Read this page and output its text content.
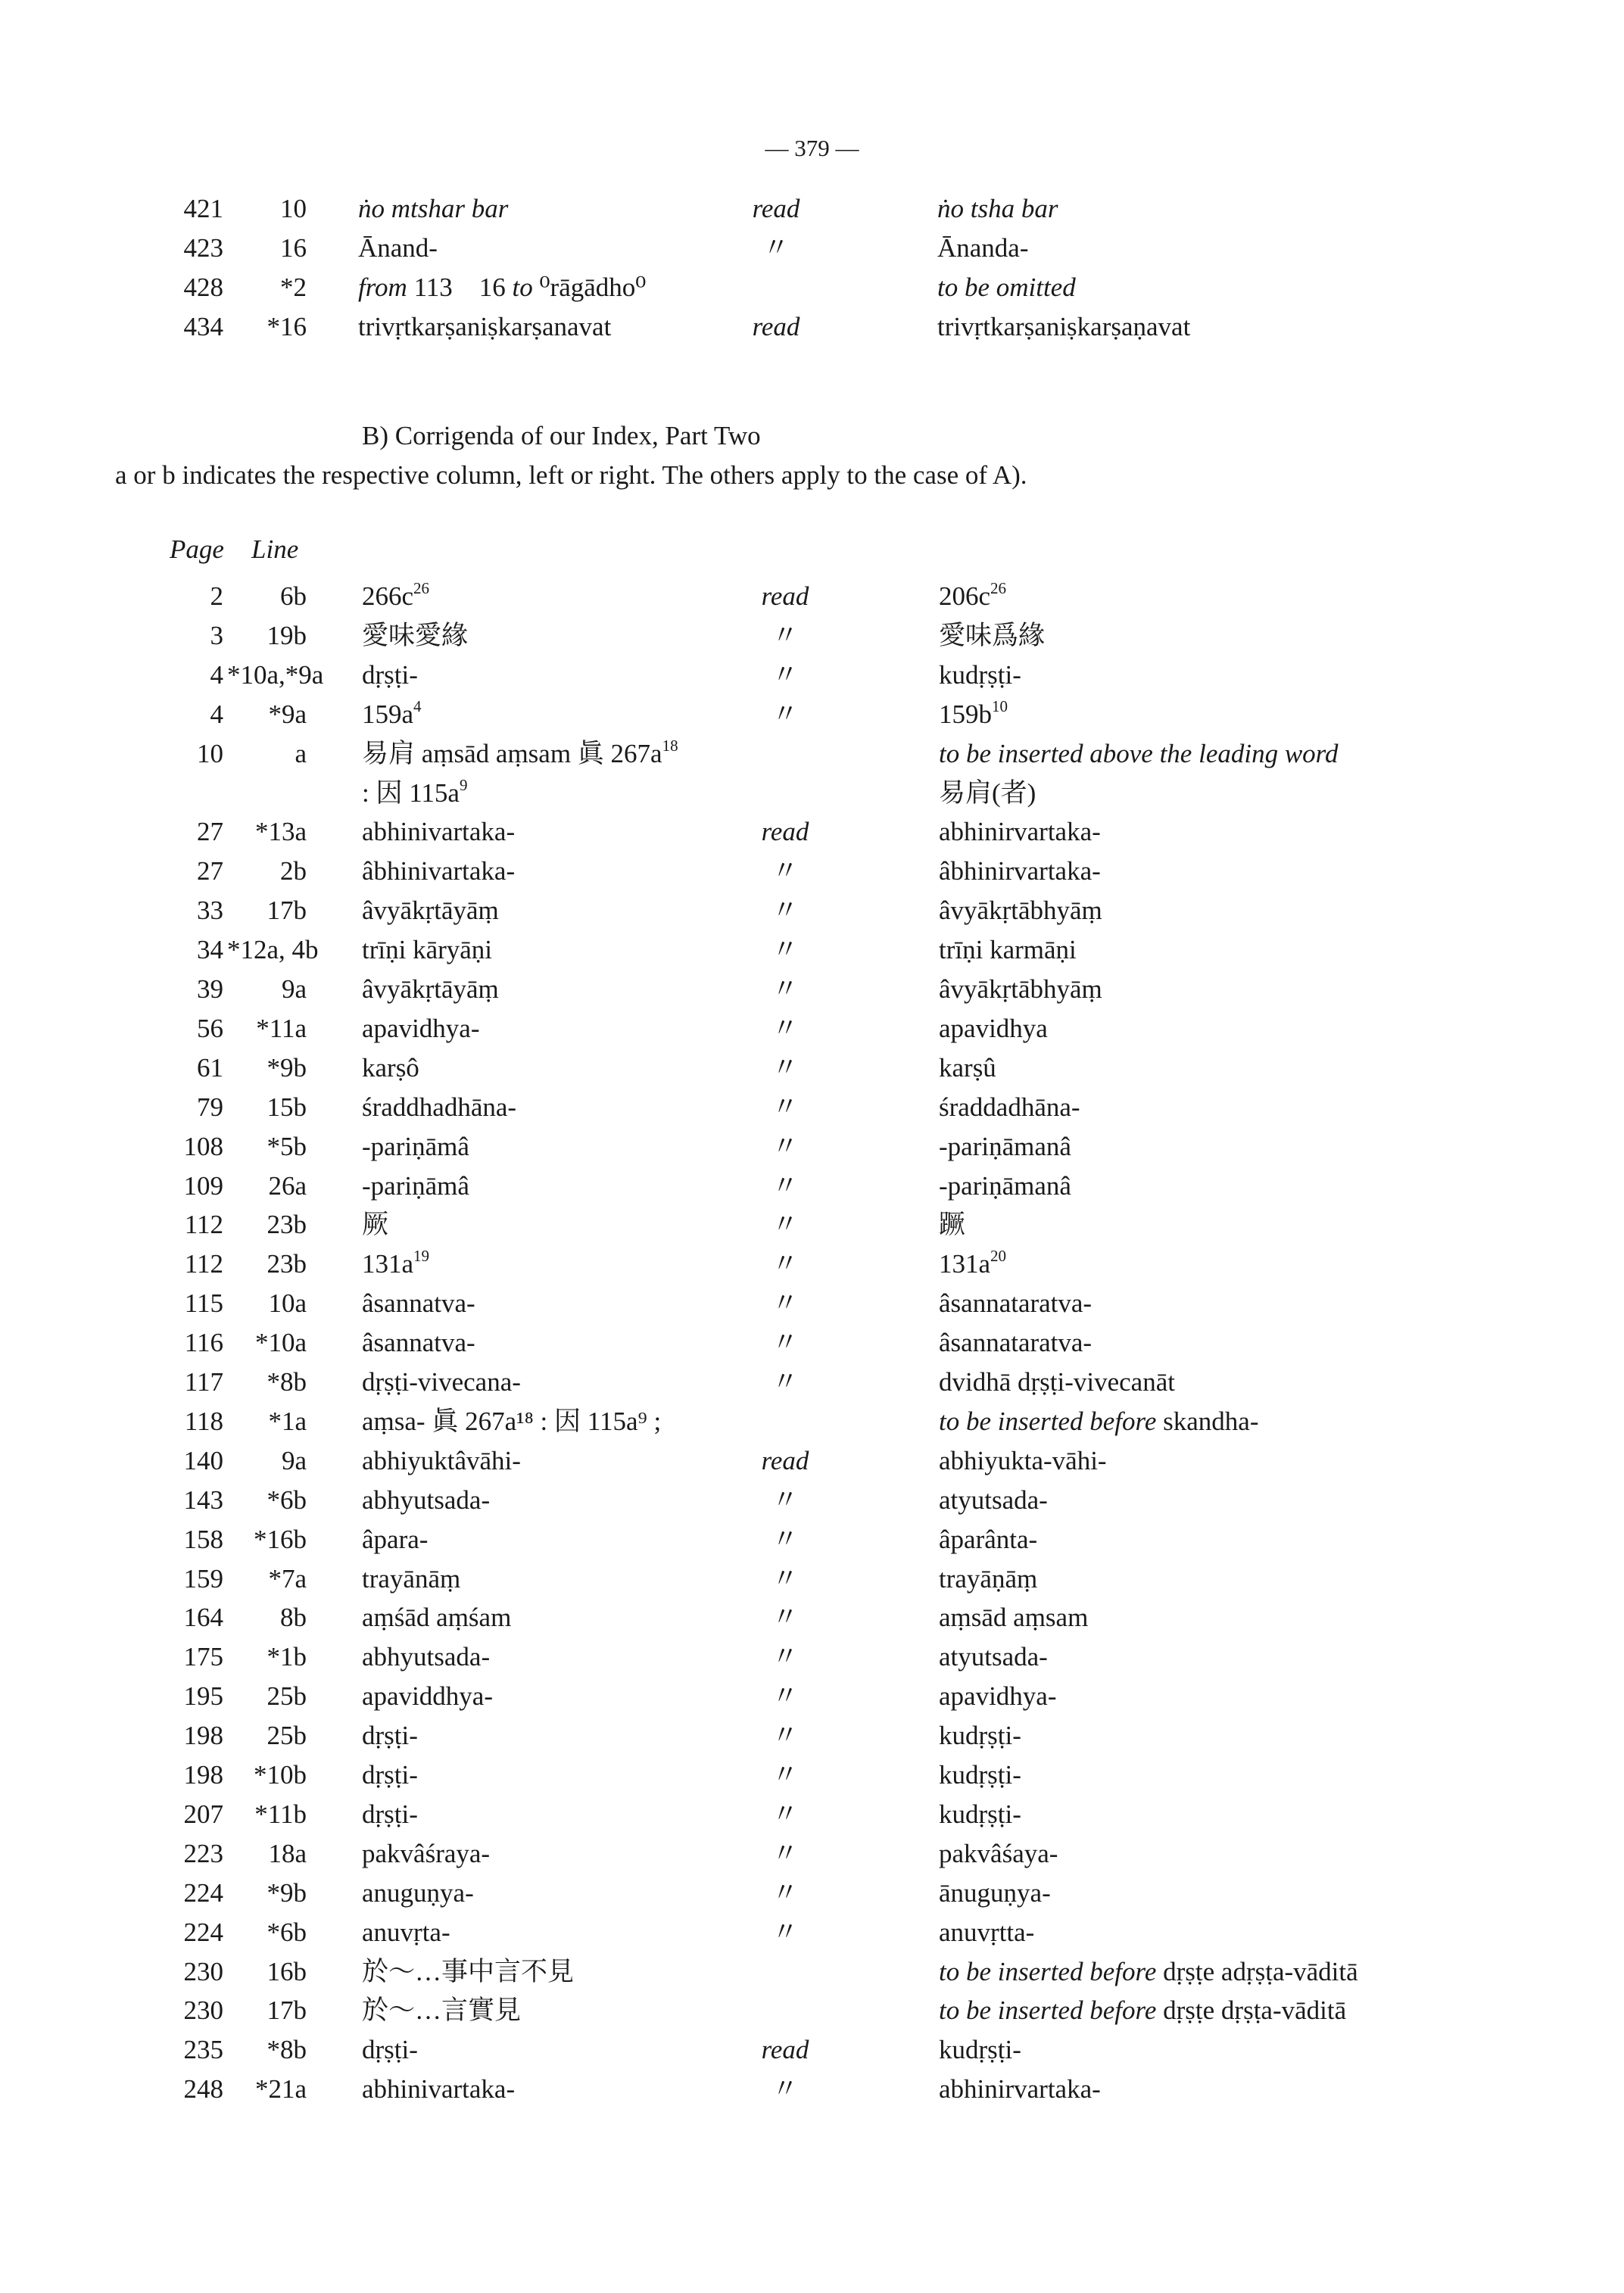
— 379 —
421	10 ṅo mtshar bar	read	ṅo tsha bar
423	16 Ānand-	〃	Ānanda-
428	*2 from 113 16 to ⁰rāgādho⁰	to be omitted
434	*16 trivṛtkarṣaniṣkarṣanavat	read	trivṛtkarṣaniṣkarṣaṇavat
B) Corrigenda of our Index, Part Two
a or b indicates the respective column, left or right. The others apply to the case of A).
Page Line
2	6b $266c^{26}$	read	$206c^{26}$
3	19b 愛味愛緣	〃	愛味爲緣
4 *10a,*9a dṛṣṭi-	〃	kudṛṣṭi-
4	*9a $159a^4$	〃	$159b^{10}$
10	a 易肩 aṃsād aṃsam 眞 $267a^{18}$	to be inserted above the leading word
: 因 $115a^9$	易肩(者)
27	*13a abhinivartaka-	read	abhinirvartaka-
27	2b âbhinivartaka-	〃	âbhinirvartaka-
33	17b âvyākṛtāyāṃ	〃	âvyākṛtābhyāṃ
34 *12a, 4b trīṇi kāryāṇi	〃	trīṇi karmāṇi
39	9a âvyākṛtāyāṃ	〃	âvyākṛtābhyāṃ
56	*11a apavidhya-	〃	apavidhya
61	*9b karṣô	〃	karṣû
79	15b śraddhadhāna-	〃	śraddadhāna-
108	*5b -pariṇāmâ	〃	-pariṇāmanâ
109	26a -pariṇāmâ	〃	-pariṇāmanâ
112	23b 厥	〃	蹶
112	23b $131a^{19}$	〃	$131a^{20}$
115	10a âsannatva-	〃	âsannataratva-
116	*10a âsannatva-	〃	âsannataratva-
117	*8b dṛṣṭi-vivecana-	〃	dvidhā dṛṣṭi-vivecanāt
118	*1a aṃsa- 眞 267a¹⁸ : 因 115a⁹ ;	to be inserted before skandha-
140	9a abhiyuktâvāhi-	read	abhiyukta-vāhi-
143	*6b abhyutsada-	〃	atyutsada-
158	*16b âpara-	〃	âparânta-
159	*7a trayānāṃ	〃	trayāṇāṃ
164	8b aṃśād aṃśam	〃	aṃsād aṃsam
175	*1b abhyutsada-	〃	atyutsada-
195	25b apaviddhya-	〃	apavidhya-
198	25b dṛṣṭi-	〃	kudṛṣṭi-
198	*10b dṛṣṭi-	〃	kudṛṣṭi-
207	*11b dṛṣṭi-	〃	kudṛṣṭi-
223	18a pakvâśraya-	〃	pakvâśaya-
224	*9b anuguṇya-	〃	ānuguṇya-
224	*6b anuvṛta-	〃	anuvṛtta-
230	16b 於～…事中言不見	to be inserted before dṛṣṭe adṛṣṭa-vāditā
230	17b 於～…言實見	to be inserted before dṛṣṭe dṛṣṭa-vāditā
235	*8b dṛṣṭi-	read	kudṛṣṭi-
248	*21a abhinivartaka-	〃	abhinirvartaka-
